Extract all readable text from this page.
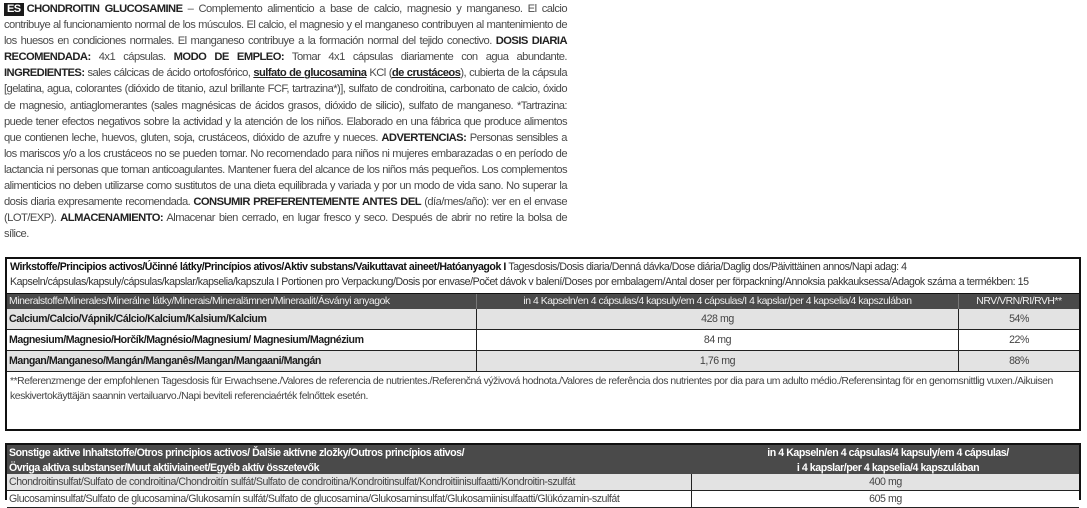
ES CHONDROITIN GLUCOSAMINE – Complemento alimenticio a base de calcio, magnesio y manganeso. El calcio contribuye al funcionamiento normal de los músculos. El calcio, el magnesio y el manganeso contribuyen al mantenimiento de los huesos en condiciones normales. El manganeso contribuye a la formación normal del tejido conectivo. DOSIS DIARIA RECOMENDADA: 4x1 cápsulas. MODO DE EMPLEO: Tomar 4x1 cápsulas diariamente con agua abundante. INGREDIENTES: sales cálcicas de ácido ortofosfórico, sulfato de glucosamina KCl (de crustáceos), cubierta de la cápsula [gelatina, agua, colorantes (dióxido de titanio, azul brillante FCF, tartrazina*)], sulfato de condroitina, carbonato de calcio, óxido de magnesio, antiaglomerantes (sales magnésicas de ácidos grasos, dióxido de silicio), sulfato de manganeso. *Tartrazina: puede tener efectos negativos sobre la actividad y la atención de los niños. Elaborado en una fábrica que produce alimentos que contienen leche, huevos, gluten, soja, crustáceos, dióxido de azufre y nueces. ADVERTENCIAS: Personas sensibles a los mariscos y/o a los crustáceos no se pueden tomar. No recomendado para niños ni mujeres embarazadas o en período de lactancia ni personas que toman anticoagulantes. Mantener fuera del alcance de los niños más pequeños. Los complementos alimenticios no deben utilizarse como sustitutos de una dieta equilibrada y variada y por un modo de vida sano. No superar la dosis diaria expresamente recomendada. CONSUMIR PREFERENTEMENTE ANTES DEL (día/mes/año): ver en el envase (LOT/EXP). ALMACENAMIENTO: Almacenar bien cerrado, en lugar fresco y seco. Después de abrir no retire la bolsa de sílice.
Wirkstoffe/Principios activos/Účinné látky/Princípios ativos/Aktiv substans/Vaikuttavat aineet/Hatóanyagok I Tagesdosis/Dosis diaria/Denná dávka/Dose diária/Daglig dos/Päivittäinen annos/Napi adag: 4 Kapseln/cápsulas/kapsuly/cápsulas/kapslar/kapselia/kapszula I Portionen pro Verpackung/Dosis por envase/Počet dávok v balení/Doses por embalagem/Antal doser per förpackning/Annoksia pakkauksessa/Adagok száma a termékben: 15
Mineralstoffe/Minerales/Minerálne látky/Minerais/Mineralämnen/Mineraalit/Ásványi anyagok	in 4 Kapseln/en 4 cápsulas/4 kapsuly/em 4 cápsulas/I 4 kapslar/per 4 kapselia/4 kapszulában	NRV/VRN/RI/RVH**
Calcium/Calcio/Vápnik/Cálcio/Kalcium/Kalsium/Kalcium	428 mg	54%
Magnesium/Magnesio/Horčík/Magnésio/Magnesium/ Magnesium/Magnézium	84 mg	22%
Mangan/Manganeso/Mangán/Manganês/Mangan/Mangaani/Mangán	1,76 mg	88%
**Referenzmenge der empfohlenen Tagesdosis für Erwachsene./Valores de referencia de nutrientes./Referenčná výživová hodnota./Valores de referência dos nutrientes por dia para um adulto médio./Referensintag för en genomsnittlig vuxen./Aikuisen keskivertokäyttäjän saannin vertailuarvo./Napi beviteli referenciaérték felnőttek esetén.
Sonstige aktive Inhaltstoffe/Otros principios activos/ Ďalšie aktívne zložky/Outros princípios ativos/
Övriga aktiva substanser/Muut aktiiviaineet/Egyéb aktív összetevők
in 4 Kapseln/en 4 cápsulas/4 kapsuly/em 4 cápsulas/
i 4 kapslar/per 4 kapselia/4 kapszulában
Chondroitinsulfat/Sulfato de condroitina/Chondroitín sulfát/Sulfato de condroitina/Kondroitinsulfat/Kondroitiinisulfaatti/Kondroitin-szulfát	400 mg
Glucosaminsulfat/Sulfato de glucosamina/Glukosamín sulfát/Sulfato de glucosamina/Glukosaminsulfat/Glukosamiinisulfaatti/Glükózamin-szulfát	605 mg
